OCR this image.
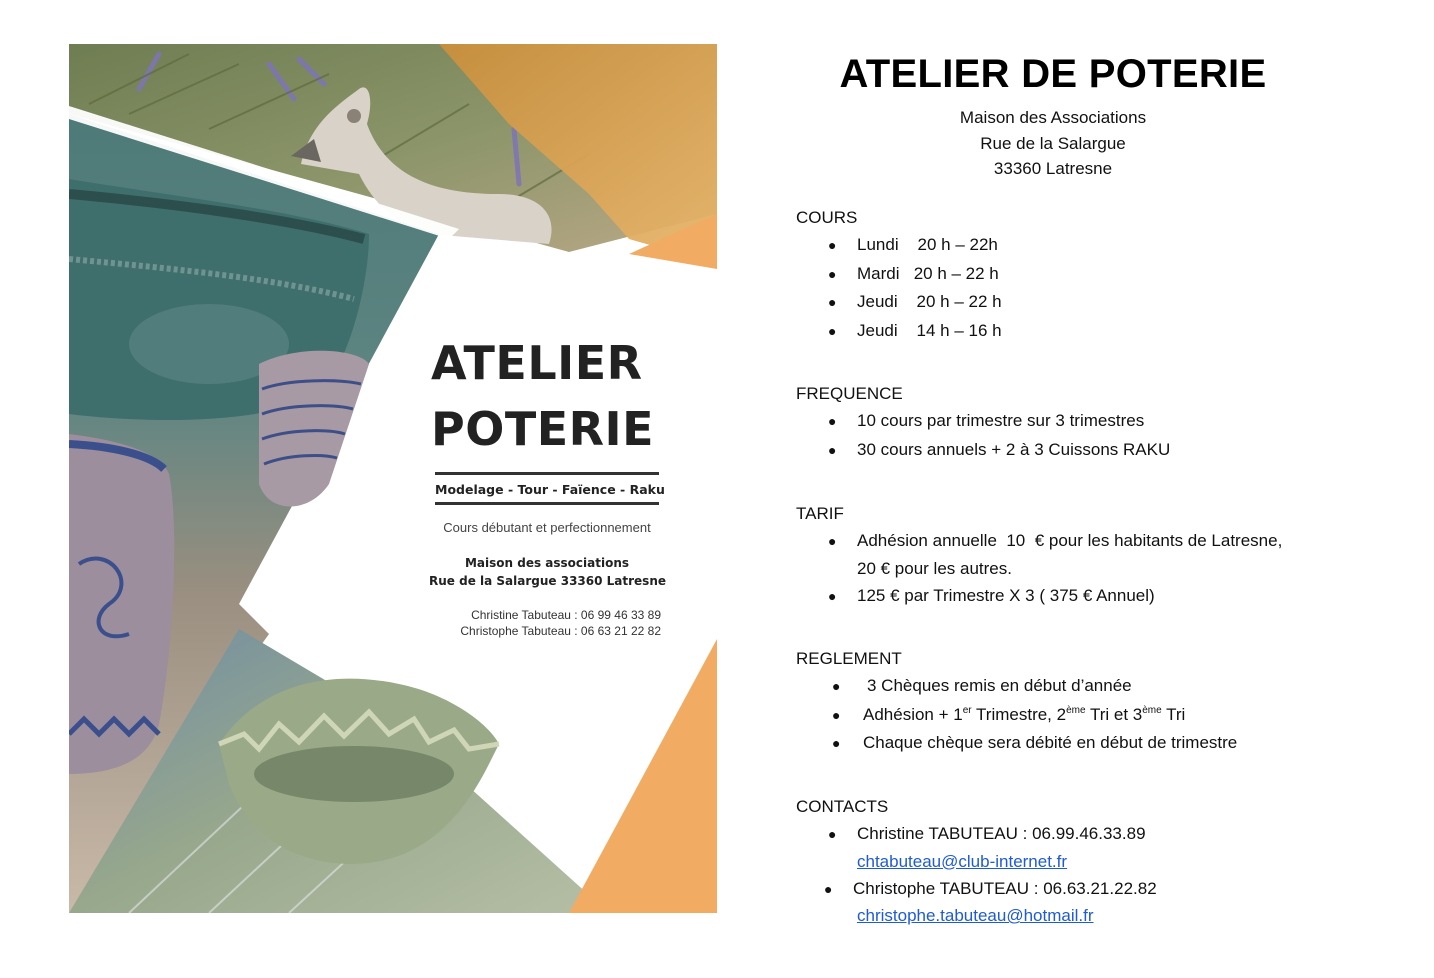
ATELIER
POTERIE
Modelage - Tour - Faïence - Raku
Cours débutant et perfectionnement
Maison des associations
Rue de la Salargue 33360 Latresne
Christine Tabuteau : 06 99 46 33 89
Christophe Tabuteau : 06 63 21 22 82
ATELIER DE POTERIE
Maison des Associations
Rue de la Salargue
33360 Latresne
COURS
● Lundi 20 h – 22h
● Mardi 20 h – 22 h
● Jeudi 20 h – 22 h
● Jeudi 14 h – 16 h
FREQUENCE
● 10 cours par trimestre sur 3 trimestres
● 30 cours annuels + 2 à 3 Cuissons RAKU
TARIF
● Adhésion annuelle  10  € pour les habitants de Latresne,
20 € pour les autres.
● 125 € par Trimestre X 3 ( 375 € Annuel)
REGLEMENT
● 3 Chèques remis en début d’année
● Adhésion + 1er Trimestre, 2ème Tri et 3ème Tri
● Chaque chèque sera débité en début de trimestre
CONTACTS
● Christine TABUTEAU : 06.99.46.33.89
chtabuteau@club-internet.fr
● Christophe TABUTEAU : 06.63.21.22.82
christophe.tabuteau@hotmail.fr
